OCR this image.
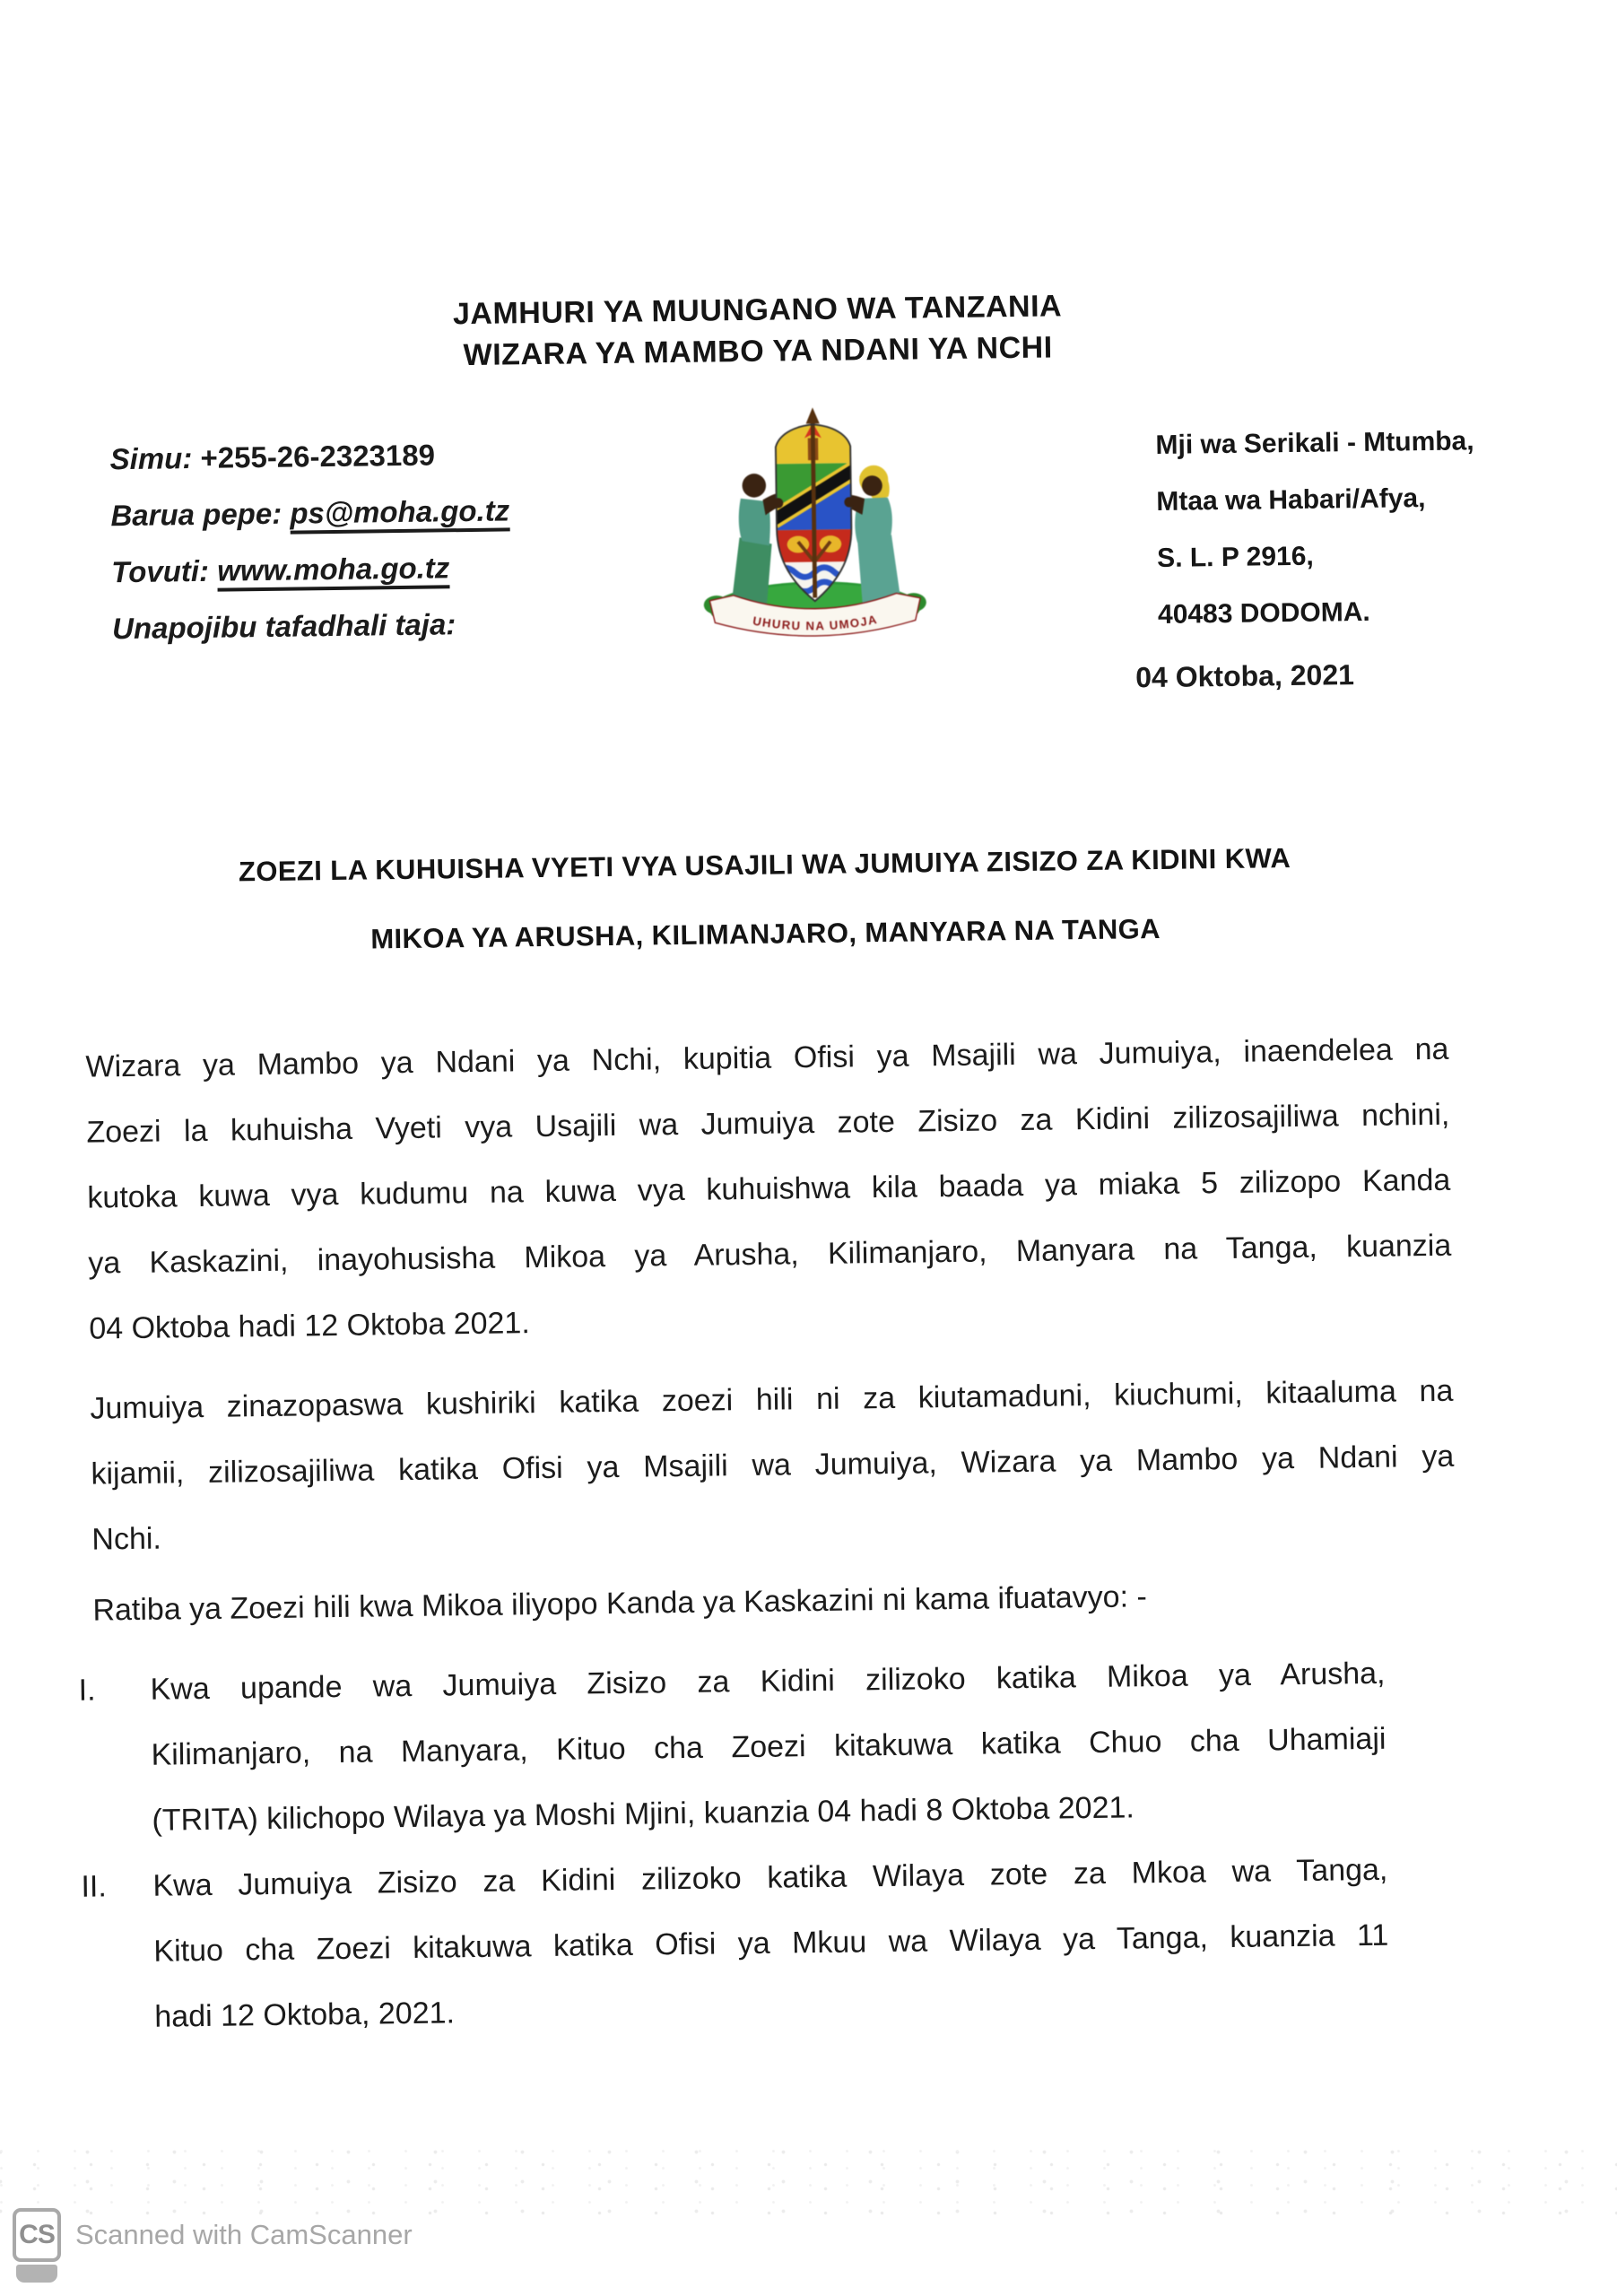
JAMHURI YA MUUNGANO WA TANZANIA
WIZARA YA MAMBO YA NDANI YA NCHI
Simu: +255-26-2323189
Barua pepe: ps@moha.go.tz
Tovuti: www.moha.go.tz
Unapojibu tafadhali taja:	UHURU NA UMOJA
Mji wa Serikali - Mtumba,
Mtaa wa Habari/Afya,
S. L. P 2916,
40483 DODOMA.
04 Oktoba, 2021
ZOEZI LA KUHUISHA VYETI VYA USAJILI WA JUMUIYA ZISIZO ZA KIDINI KWA
MIKOA YA ARUSHA, KILIMANJARO, MANYARA NA TANGA
Wizara ya Mambo ya Ndani ya Nchi, kupitia Ofisi ya Msajili wa Jumuiya, inaendelea na
Zoezi la kuhuisha Vyeti vya Usajili wa Jumuiya zote Zisizo za Kidini zilizosajiliwa nchini,
kutoka kuwa vya kudumu na kuwa vya kuhuishwa kila baada ya miaka 5 zilizopo Kanda
ya Kaskazini, inayohusisha Mikoa ya Arusha, Kilimanjaro, Manyara na Tanga, kuanzia
04 Oktoba hadi 12 Oktoba 2021.
Jumuiya zinazopaswa kushiriki katika zoezi hili ni za kiutamaduni, kiuchumi, kitaaluma na
kijamii, zilizosajiliwa katika Ofisi ya Msajili wa Jumuiya, Wizara ya Mambo ya Ndani ya
Nchi.
Ratiba ya Zoezi hili kwa Mikoa iliyopo Kanda ya Kaskazini ni kama ifuatavyo: -
I.	Kwa upande wa Jumuiya Zisizo za Kidini zilizoko katika Mikoa ya Arusha,
Kilimanjaro, na Manyara, Kituo cha Zoezi kitakuwa katika Chuo cha Uhamiaji
(TRITA) kilichopo Wilaya ya Moshi Mjini, kuanzia 04 hadi 8 Oktoba 2021.
II.	Kwa Jumuiya Zisizo za Kidini zilizoko katika Wilaya zote za Mkoa wa Tanga,
Kituo cha Zoezi kitakuwa katika Ofisi ya Mkuu wa Wilaya ya Tanga, kuanzia 11
hadi 12 Oktoba, 2021.
CS Scanned with CamScanner
